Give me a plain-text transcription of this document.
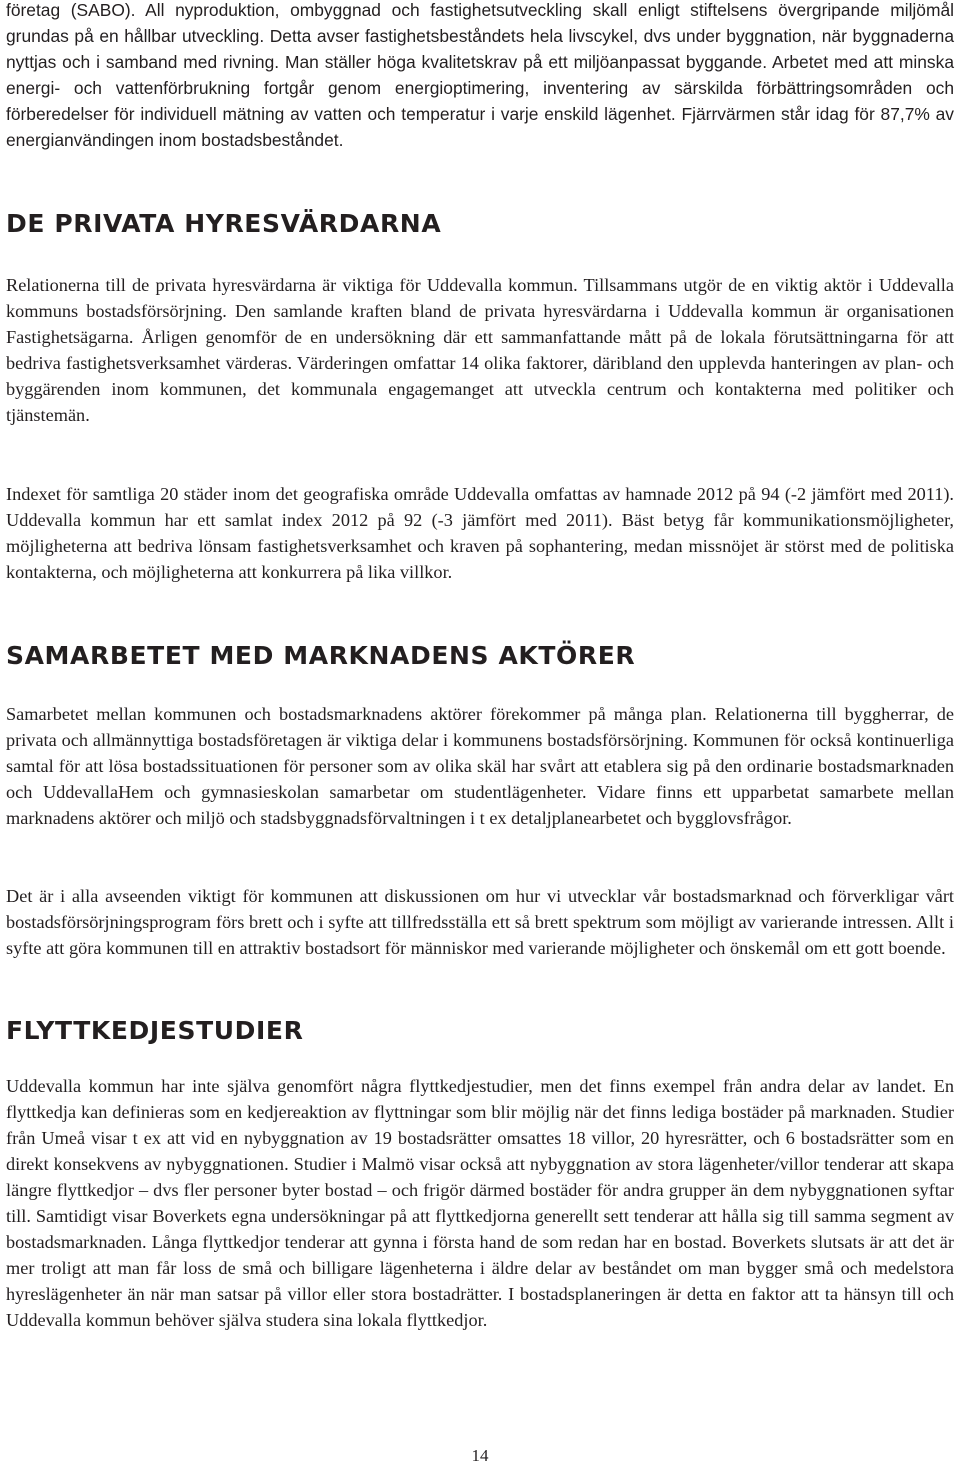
företag (SABO). All nyproduktion, ombyggnad och fastighetsutveckling skall enligt stiftelsens övergripande miljömål grundas på en hållbar utveckling. Detta avser fastighetsbeståndets hela livscykel, dvs under byggnation, när byggnaderna nyttjas och i samband med rivning. Man ställer höga kvalitetskrav på ett miljöanpassat byggande. Arbetet med att minska energi- och vattenförbrukning fortgår genom energioptimering, inventering av särskilda förbättringsområden och förberedelser för individuell mätning av vatten och temperatur i varje enskild lägenhet. Fjärrvärmen står idag för 87,7% av energianvändingen inom bostadsbeståndet.

DE PRIVATA HYRESVÄRDARNA

Relationerna till de privata hyresvärdarna är viktiga för Uddevalla kommun. Tillsammans utgör de en viktig aktör i Uddevalla kommuns bostadsförsörjning. Den samlande kraften bland de privata hyresvärdarna i Uddevalla kommun är organisationen Fastighetsägarna. Årligen genomför de en undersökning där ett sammanfattande mått på de lokala förutsättningarna för att bedriva fastighetsverksamhet värderas. Värderingen omfattar 14 olika faktorer, däribland den upplevda hanteringen av plan- och byggärenden inom kommunen, det kommunala engagemanget att utveckla centrum och kontakterna med politiker och tjänstemän.

Indexet för samtliga 20 städer inom det geografiska område Uddevalla omfattas av hamnade 2012 på 94 (-2 jämfört med 2011). Uddevalla kommun har ett samlat index 2012 på 92 (-3 jämfört med 2011). Bäst betyg får kommunikationsmöjligheter, möjligheterna att bedriva lönsam fastighetsverksamhet och kraven på sophantering, medan missnöjet är störst med de politiska kontakterna, och möjligheterna att konkurrera på lika villkor.

SAMARBETET MED MARKNADENS AKTÖRER

Samarbetet mellan kommunen och bostadsmarknadens aktörer förekommer på många plan. Relationerna till byggherrar, de privata och allmännyttiga bostadsföretagen är viktiga delar i kommunens bostadsförsörjning. Kommunen för också kontinuerliga samtal för att lösa bostadssituationen för personer som av olika skäl har svårt att etablera sig på den ordinarie bostadsmarknaden och UddevallaHem och gymnasieskolan samarbetar om studentlägenheter. Vidare finns ett upparbetat samarbete mellan marknadens aktörer och miljö och stadsbyggnadsförvaltningen i t ex detaljplanearbetet och bygglovsfrågor.

Det är i alla avseenden viktigt för kommunen att diskussionen om hur vi utvecklar vår bostadsmarknad och förverkligar vårt bostadsförsörjningsprogram förs brett och i syfte att tillfredsställa ett så brett spektrum som möjligt av varierande intressen. Allt i syfte att göra kommunen till en attraktiv bostadsort för människor med varierande möjligheter och önskemål om ett gott boende.

FLYTTKEDJESTUDIER

Uddevalla kommun har inte själva genomfört några flyttkedjestudier, men det finns exempel från andra delar av landet. En flyttkedja kan definieras som en kedjereaktion av flyttningar som blir möjlig när det finns lediga bostäder på marknaden. Studier från Umeå visar t ex att vid en nybyggnation av 19 bostadsrätter omsattes 18 villor, 20 hyresrätter, och 6 bostadsrätter som en direkt konsekvens av nybyggnationen. Studier i Malmö visar också att nybyggnation av stora lägenheter/villor tenderar att skapa längre flyttkedjor – dvs fler personer byter bostad – och frigör därmed bostäder för andra grupper än dem nybyggnationen syftar till. Samtidigt visar Boverkets egna undersökningar på att flyttkedjorna generellt sett tenderar att hålla sig till samma segment av bostadsmarknaden. Långa flyttkedjor tenderar att gynna i första hand de som redan har en bostad. Boverkets slutsats är att det är mer troligt att man får loss de små och billigare lägenheterna i äldre delar av beståndet om man bygger små och medelstora hyreslägenheter än när man satsar på villor eller stora bostadrätter. I bostadsplaneringen är detta en faktor att ta hänsyn till och Uddevalla kommun behöver själva studera sina lokala flyttkedjor.

14
